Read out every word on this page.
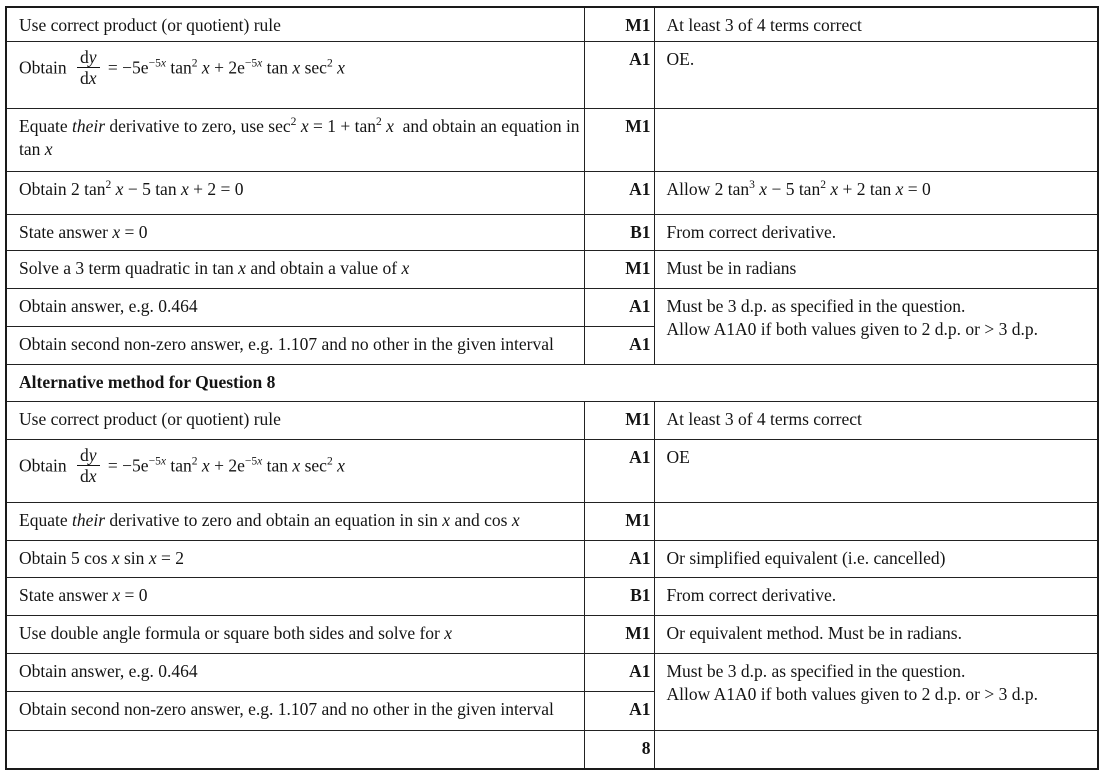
Use correct product (or quotient) rule	M1	At least 3 of 4 terms correct
Obtain $\frac{dy}{dx} = -5e^{-5x}$ $\tan^2 x + 2e^{-5x}$ tan x $\sec^2 x$	A1	OE.
Equate their derivative to zero, use $\sec^2 x = 1 + \tan^2 x$  and obtain an equation in tan x	M1	
Obtain 2 $\tan^2 x - 5$ tan x + 2 = 0	A1	Allow 2 $\tan^3 x - 5$ $\tan^2 x + 2$ tan x = 0
State answer x = 0	B1	From correct derivative.
Solve a 3 term quadratic in tan x and obtain a value of x	M1	Must be in radians
Obtain answer, e.g. 0.464	A1	Must be 3 d.p. as specified in the question.
Allow A1A0 if both values given to 2 d.p. or > 3 d.p.
Obtain second non-zero answer, e.g. 1.107 and no other in the given interval	A1	
Alternative method for Question 8		
Use correct product (or quotient) rule	M1	At least 3 of 4 terms correct
Obtain $\frac{dy}{dx} = -5e^{-5x}$ $\tan^2 x + 2e^{-5x}$ tan x $\sec^2 x$	A1	OE
Equate their derivative to zero and obtain an equation in sin x and cos x	M1	
Obtain 5 cos x sin x = 2	A1	Or simplified equivalent (i.e. cancelled)
State answer x = 0	B1	From correct derivative.
Use double angle formula or square both sides and solve for x	M1	Or equivalent method. Must be in radians.
Obtain answer, e.g. 0.464	A1	Must be 3 d.p. as specified in the question.
Allow A1A0 if both values given to 2 d.p. or > 3 d.p.
Obtain second non-zero answer, e.g. 1.107 and no other in the given interval	A1	
	8	
